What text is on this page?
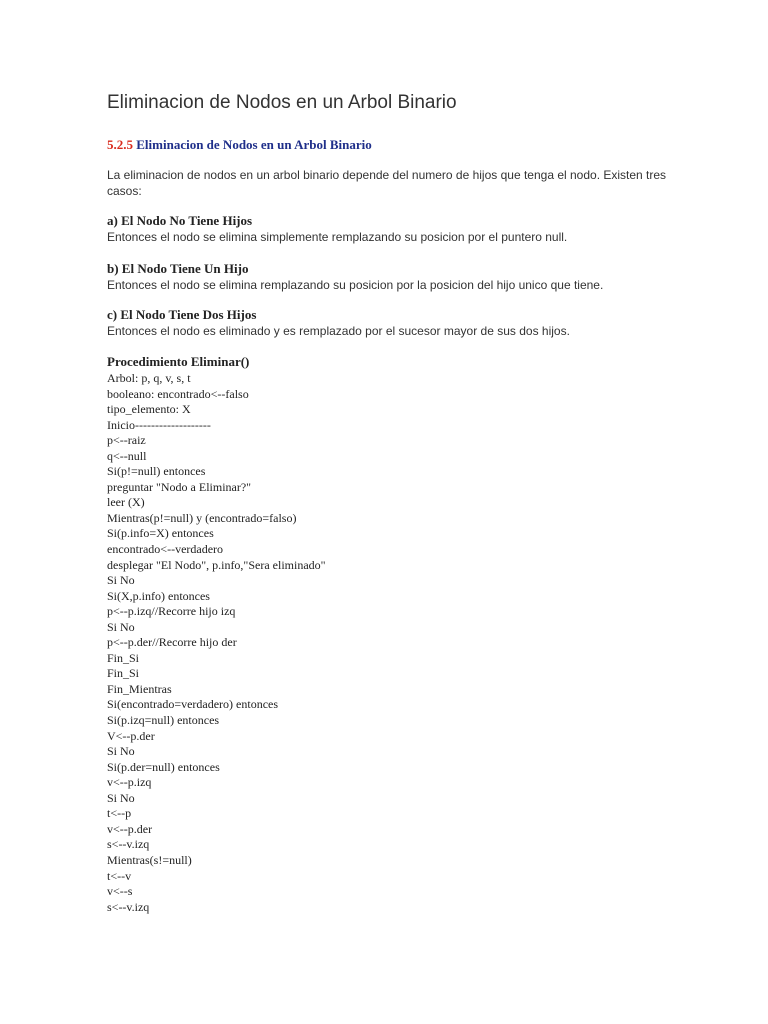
Eliminacion de Nodos en un Arbol Binario
5.2.5 Eliminacion de Nodos en un Arbol Binario

La eliminacion de nodos en un arbol binario depende del numero de hijos que tenga el nodo. Existen tres casos:

a) El Nodo No Tiene Hijos
Entonces el nodo se elimina simplemente remplazando su posicion por el puntero null.
b) El Nodo Tiene Un Hijo
Entonces el nodo se elimina remplazando su posicion por la posicion del hijo unico que tiene.
c) El Nodo Tiene Dos Hijos
Entonces el nodo es eliminado y es remplazado por el sucesor mayor de sus dos hijos.
Procedimiento Eliminar()
Arbol: p, q, v, s, t
booleano: encontrado<--falso
tipo_elemento: X
Inicio-------------------
p<--raiz
q<--null
Si(p!=null) entonces
preguntar "Nodo a Eliminar?"
leer (X)
Mientras(p!=null) y (encontrado=falso)
Si(p.info=X) entonces
encontrado<--verdadero
desplegar "El Nodo", p.info,"Sera eliminado"
Si No
Si(X,p.info) entonces
p<--p.izq//Recorre hijo izq
Si No
p<--p.der//Recorre hijo der
Fin_Si
Fin_Si
Fin_Mientras
Si(encontrado=verdadero) entonces
Si(p.izq=null) entonces
V<--p.der
Si No
Si(p.der=null) entonces
v<--p.izq
Si No
t<--p
v<--p.der
s<--v.izq
Mientras(s!=null)
t<--v
v<--s
s<--v.izq
